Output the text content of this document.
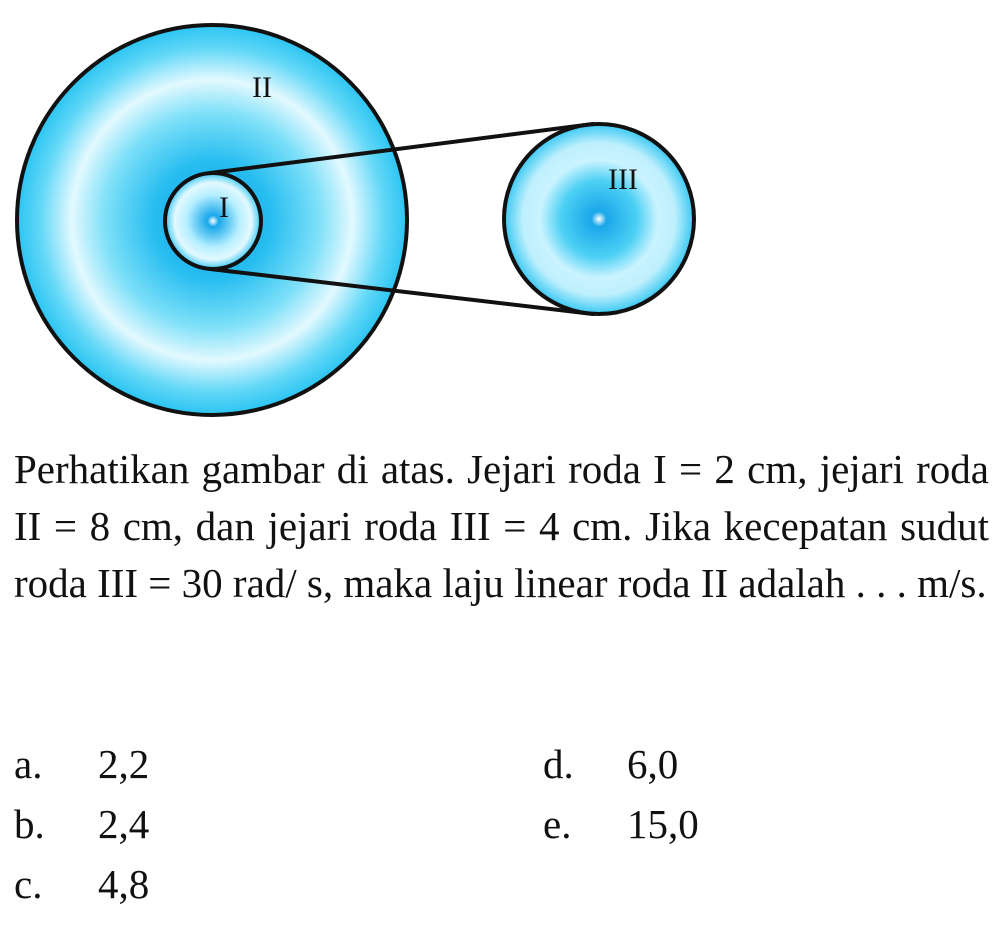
II
I
III
Perhatikan gambar di atas. Jejari roda I = 2 cm, jejari roda II = 8 cm, dan jejari roda III = 4 cm. Jika kecepatan sudut roda III = 30 rad/ s, maka laju linear roda II adalah . . . m/s.
a. 2,2
b. 2,4
c. 4,8
d. 6,0
e. 15,0
